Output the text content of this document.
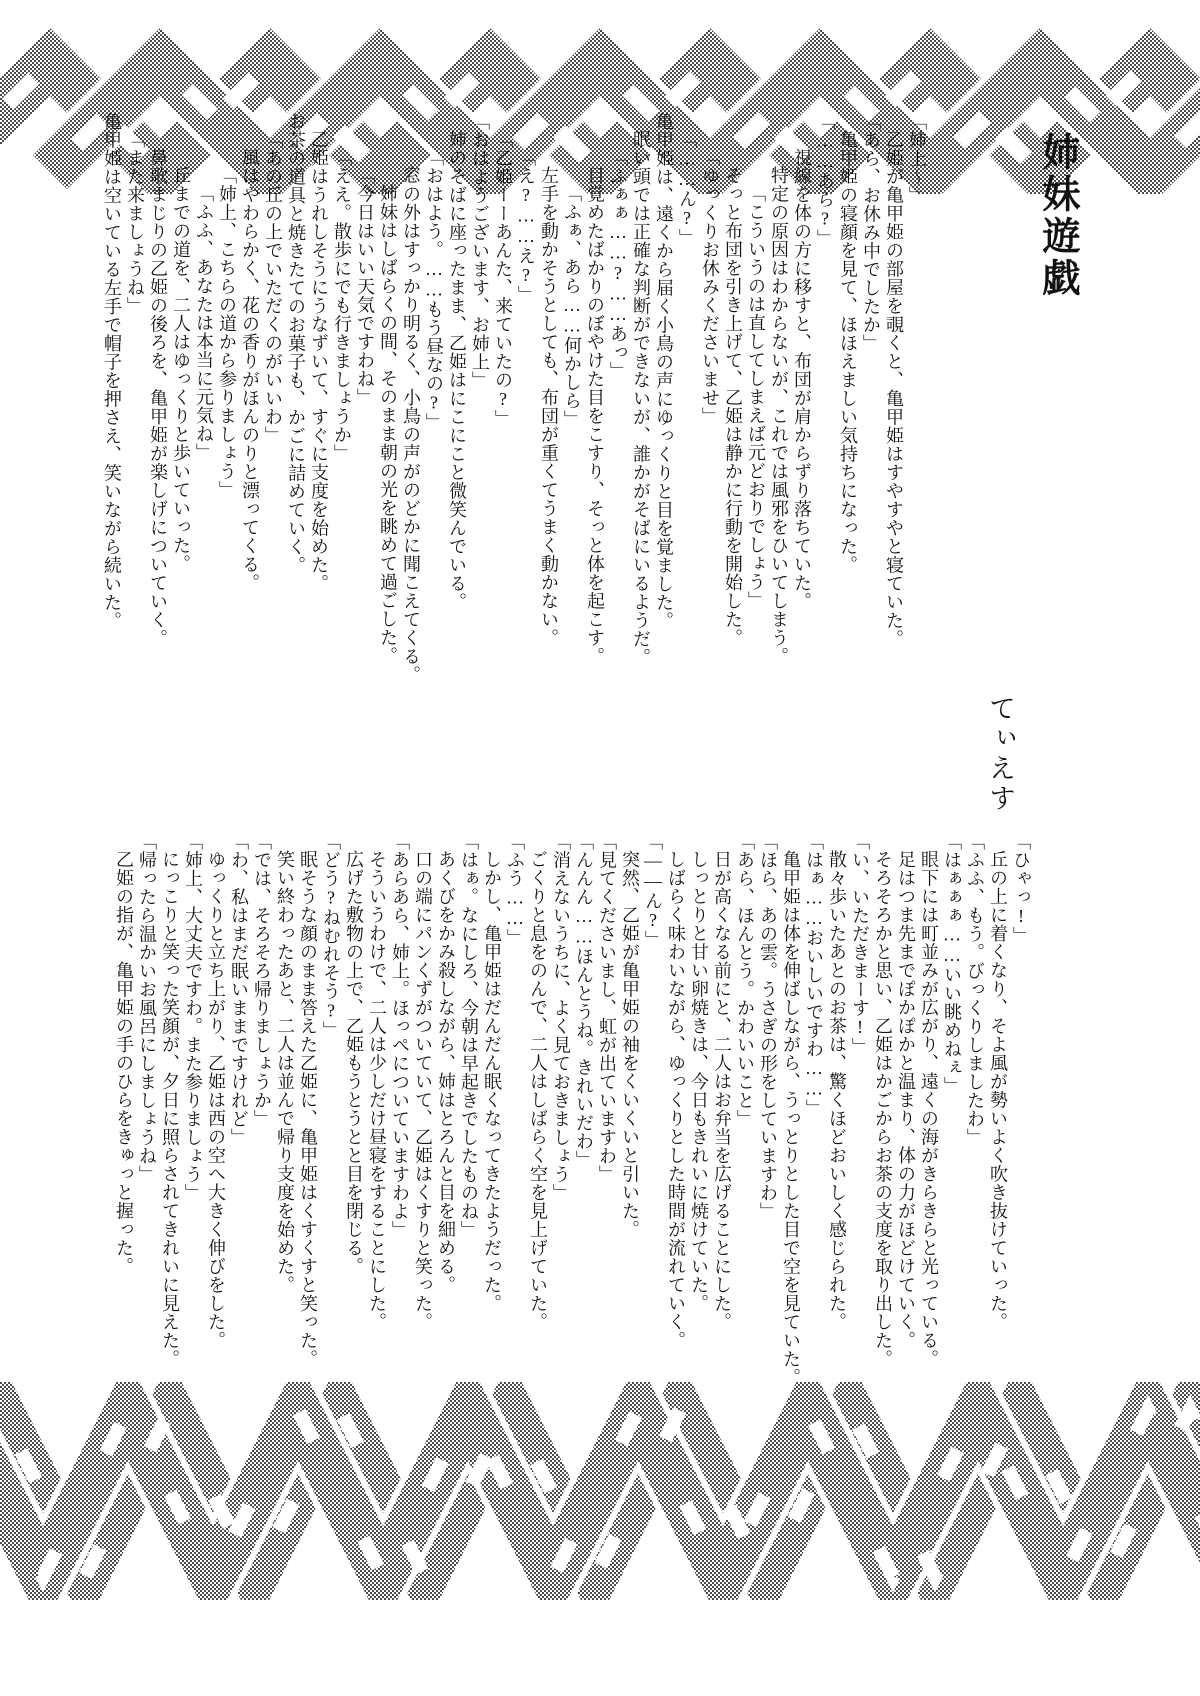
姉妹遊戯
てぃえす

「姉上〜」

乙姫が亀甲姫の部屋を覗くと、亀甲姫はすやすやと寝ていた。

「あら、お休み中でしたか」

亀甲姫の寝顔を見て、ほほえましい気持ちになった。

「……あら?」

視線を体の方に移すと、布団が肩からずり落ちていた。

特定の原因はわからないが、これでは風邪をひいてしまう。

「こういうのは直してしまえば元どおりでしょう」

そっと布団を引き上げて、乙姫は静かに行動を開始した。

「ゆっくりお休みくださいませ」

「……ん?」

亀甲姫は、遠くから届く小鳥の声にゆっくりと目を覚ました。

眠い頭では正確な判断ができないが、誰かがそばにいるようだ。

「ふぁぁ……?……あっ」

目覚めたばかりのぼやけた目をこすり、そっと体を起こす。

「ふぁ、あら……何かしら」

左手を動かそうとしても、布団が重くてうまく動かない。

「え?……え?」

「乙姫ーーあんた、来ていたの?」

「おはようございます、お姉上」

姉のそばに座ったまま、乙姫はにこにこと微笑んでいる。

「おはよう。……もう昼なの?」

窓の外はすっかり明るく、小鳥の声がのどかに聞こえてくる。

姉妹はしばらくの間、そのまま朝の光を眺めて過ごした。

「今日はいい天気ですわね」

「ええ。散歩にでも行きましょうか」

乙姫はうれしそうにうなずいて、すぐに支度を始めた。

お茶の道具と焼きたてのお菓子も、かごに詰めていく。

「あの丘の上でいただくのがいいわ」

風はやわらかく、花の香りがほんのりと漂ってくる。

「姉上、こちらの道から参りましょう」

「ふふ、あなたは本当に元気ね」

丘までの道を、二人はゆっくりと歩いていった。

鼻歌まじりの乙姫の後ろを、亀甲姫が楽しげについていく。

「また来ましょうね」

亀甲姫は空いている左手で帽子を押さえ、笑いながら続いた。

「ひゃっ!」

丘の上に着くなり、そよ風が勢いよく吹き抜けていった。

「ふふ、もう。びっくりしましたわ」

「はぁぁぁ……いい眺めねぇ」

眼下には町並みが広がり、遠くの海がきらきらと光っている。

足はつま先までぽかぽかと温まり、体の力がほどけていく。

そろそろかと思い、乙姫はかごからお茶の支度を取り出した。

「い、いただきまーす!」

散々歩いたあとのお茶は、驚くほどおいしく感じられた。

「はぁ……おいしいですわ……」

亀甲姫は体を伸ばしながら、うっとりとした目で空を見ていた。

「ほら、あの雲。うさぎの形をしていますわ」

「あら、ほんとう。かわいいこと」

日が高くなる前にと、二人はお弁当を広げることにした。

しっとりと甘い卵焼きは、今日もきれいに焼けていた。

しばらく味わいながら、ゆっくりとした時間が流れていく。

「――ん?」

突然、乙姫が亀甲姫の袖をくいくいと引いた。

「見てくださいまし、虹が出ていますわ」

「んんん……ほんとうね。きれいだわ」

「消えないうちに、よく見ておきましょう」

ごくりと息をのんで、二人はしばらく空を見上げていた。

「ふう……」

しかし、亀甲姫はだんだん眠くなってきたようだった。

「はぁ。なにしろ、今朝は早起きでしたものね」

あくびをかみ殺しながら、姉はとろんと目を細める。

口の端にパンくずがついていて、乙姫はくすりと笑った。

「あらあら、姉上。ほっぺについていますわよ」

そういうわけで、二人は少しだけ昼寝をすることにした。

広げた敷物の上で、乙姫もうとうとと目を閉じる。

「どう?ねむれそう?」

眠そうな顔のまま答えた乙姫に、亀甲姫はくすくすと笑った。

笑い終わったあと、二人は並んで帰り支度を始めた。

「では、そろそろ帰りましょうか」

「わ、私はまだ眠いままですけれど」

ゆっくりと立ち上がり、乙姫は西の空へ大きく伸びをした。

「姉上、大丈夫ですわ。また参りましょう」

にっこりと笑った笑顔が、夕日に照らされてきれいに見えた。

「帰ったら温かいお風呂にしましょうね」

乙姫の指が、亀甲姫の手のひらをきゅっと握った。
